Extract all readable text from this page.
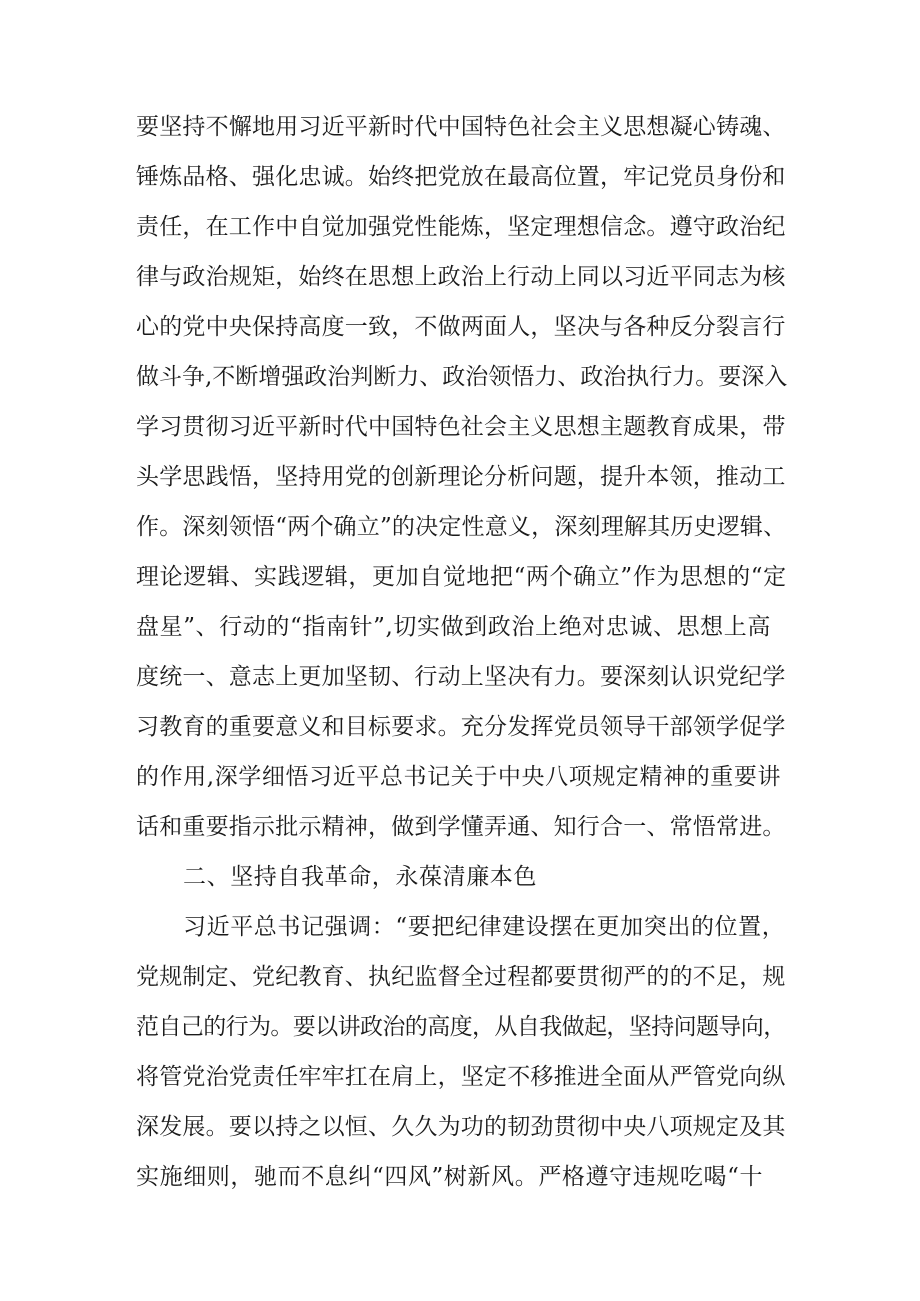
要坚持不懈地用习近平新时代中国特色社会主义思想凝心铸魂、
锤炼品格、强化忠诚。始终把党放在最高位置，牢记党员身份和
责任，在工作中自觉加强党性能炼，坚定理想信念。遵守政治纪
律与政治规矩，始终在思想上政治上行动上同以习近平同志为核
心的党中央保持高度一致，不做两面人，坚决与各种反分裂言行
做斗争,不断增强政治判断力、政治领悟力、政治执行力。要深入
学习贯彻习近平新时代中国特色社会主义思想主题教育成果，带
头学思践悟，坚持用党的创新理论分析问题，提升本领，推动工
作。深刻领悟“两个确立”的决定性意义，深刻理解其历史逻辑、
理论逻辑、实践逻辑，更加自觉地把“两个确立”作为思想的“定
盘星”、行动的“指南针”,切实做到政治上绝对忠诚、思想上高
度统一、意志上更加坚韧、行动上坚决有力。要深刻认识党纪学
习教育的重要意义和目标要求。充分发挥党员领导干部领学促学
的作用,深学细悟习近平总书记关于中央八项规定精神的重要讲
话和重要指示批示精神，做到学懂弄通、知行合一、常悟常进。
二、坚持自我革命，永葆清廉本色
习近平总书记强调：“要把纪律建设摆在更加突出的位置，
党规制定、党纪教育、执纪监督全过程都要贯彻严的的不足，规
范自己的行为。要以讲政治的高度，从自我做起，坚持问题导向，
将管党治党责任牢牢扛在肩上，坚定不移推进全面从严管党向纵
深发展。要以持之以恒、久久为功的韧劲贯彻中央八项规定及其
实施细则，驰而不息纠“四风”树新风。严格遵守违规吃喝“十
